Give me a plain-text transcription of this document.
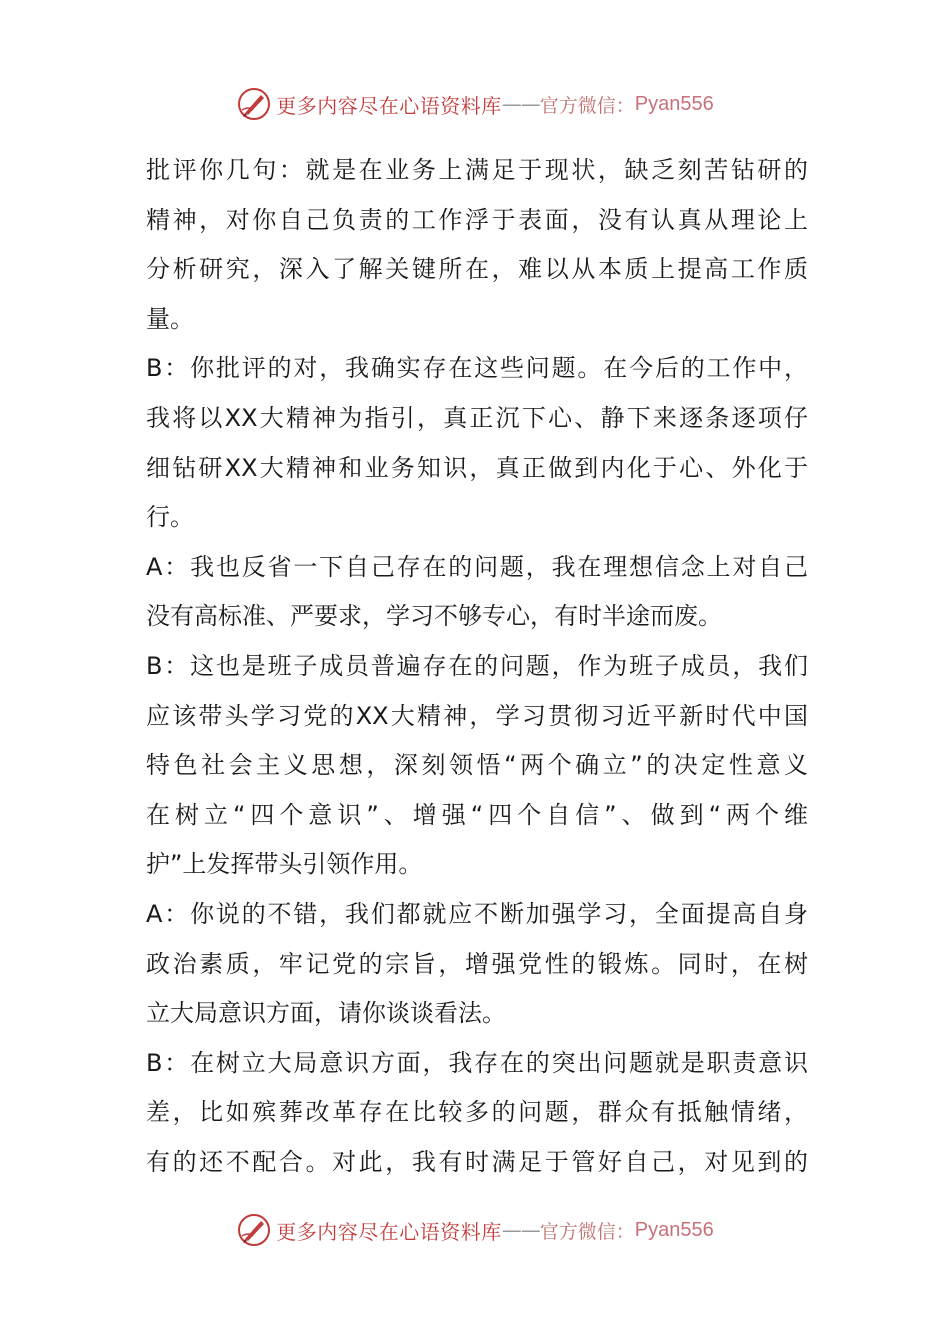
更多内容尽在心语资料库 —— 官方微信： Pyan556
批评你几句：就是在业务上满足于现状，缺乏刻苦钻研的
精神，对你自己负责的工作浮于表面，没有认真从理论上
分析研究，深入了解关键所在，难以从本质上提高工作质
量。
B：你批评的对，我确实存在这些问题。在今后的工作中，
我将以XX大精神为指引，真正沉下心、静下来逐条逐项仔
细钻研XX大精神和业务知识，真正做到内化于心、外化于
行。
A：我也反省一下自己存在的问题，我在理想信念上对自己
没有高标准、严要求，学习不够专心，有时半途而废。
B：这也是班子成员普遍存在的问题，作为班子成员，我们
应该带头学习党的XX大精神，学习贯彻习近平新时代中国
特色社会主义思想，深刻领悟“两个确立”的决定性意义
在树立“四个意识”、增强“四个自信”、做到“两个维
护”上发挥带头引领作用。
A：你说的不错，我们都就应不断加强学习，全面提高自身
政治素质，牢记党的宗旨，增强党性的锻炼。同时，在树
立大局意识方面，请你谈谈看法。
B：在树立大局意识方面，我存在的突出问题就是职责意识
差，比如殡葬改革存在比较多的问题，群众有抵触情绪，
有的还不配合。对此，我有时满足于管好自己，对见到的
更多内容尽在心语资料库 —— 官方微信： Pyan556
